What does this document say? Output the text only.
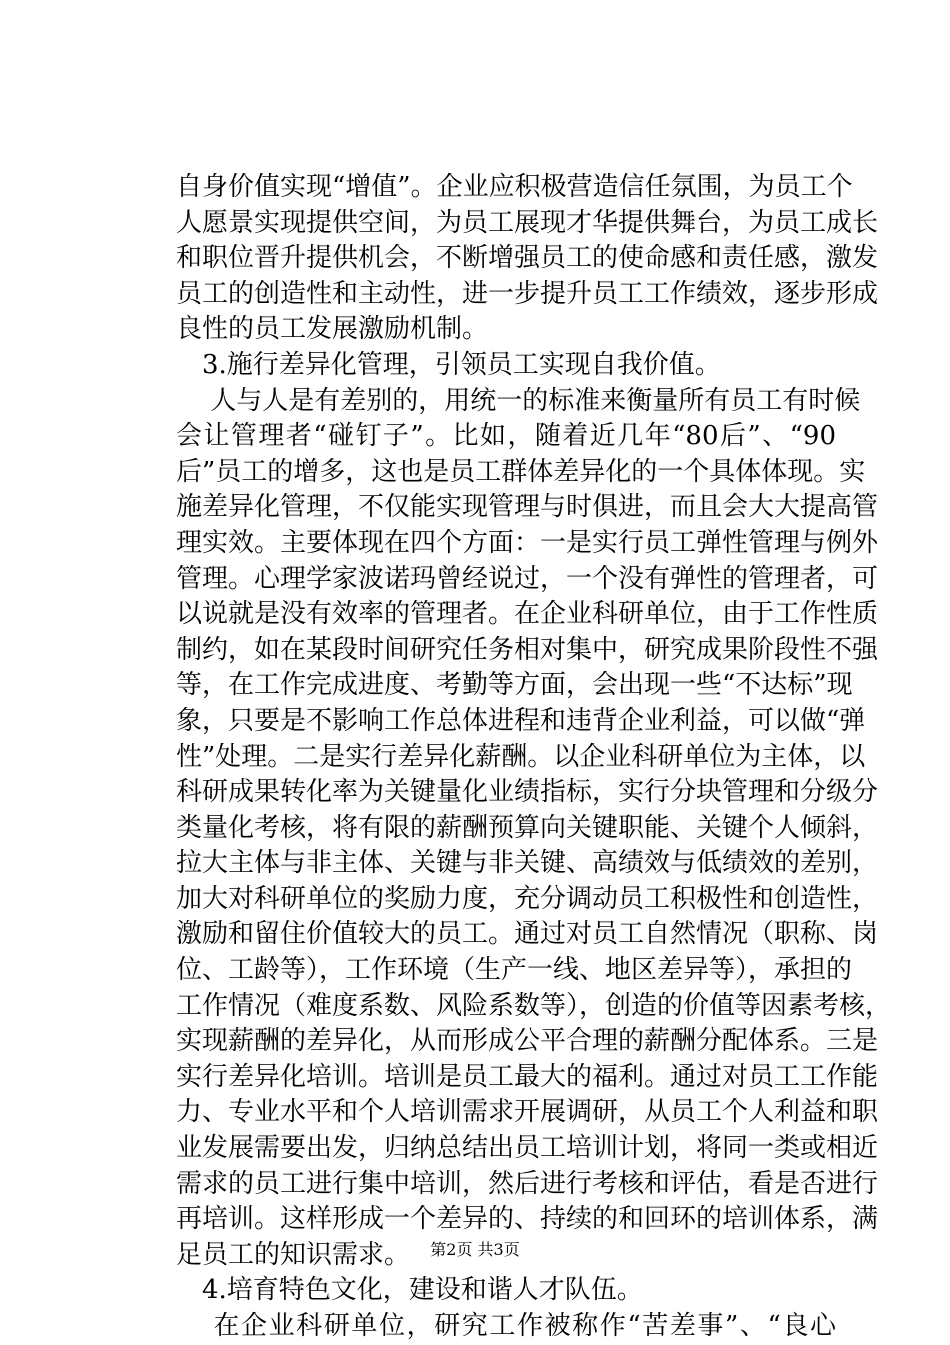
自身价值实现“增值”。企业应积极营造信任氛围，为员工个
人愿景实现提供空间，为员工展现才华提供舞台，为员工成长
和职位晋升提供机会，不断增强员工的使命感和责任感，激发
员工的创造性和主动性，进一步提升员工工作绩效，逐步形成
良性的员工发展激励机制。
　3.施行差异化管理，引领员工实现自我价值。
　 人与人是有差别的，用统一的标准来衡量所有员工有时候
会让管理者“碰钉子”。比如，随着近几年“80后”、“90
后”员工的增多，这也是员工群体差异化的一个具体体现。实
施差异化管理，不仅能实现管理与时俱进，而且会大大提高管
理实效。主要体现在四个方面：一是实行员工弹性管理与例外
管理。心理学家波诺玛曾经说过，一个没有弹性的管理者，可
以说就是没有效率的管理者。在企业科研单位，由于工作性质
制约，如在某段时间研究任务相对集中，研究成果阶段性不强
等，在工作完成进度、考勤等方面，会出现一些“不达标”现
象，只要是不影响工作总体进程和违背企业利益，可以做“弹
性”处理。二是实行差异化薪酬。以企业科研单位为主体，以
科研成果转化率为关键量化业绩指标，实行分块管理和分级分
类量化考核，将有限的薪酬预算向关键职能、关键个人倾斜，
拉大主体与非主体、关键与非关键、高绩效与低绩效的差别，
加大对科研单位的奖励力度，充分调动员工积极性和创造性，
激励和留住价值较大的员工。通过对员工自然情况（职称、岗
位、工龄等），工作环境（生产一线、地区差异等），承担的
工作情况（难度系数、风险系数等），创造的价值等因素考核，
实现薪酬的差异化，从而形成公平合理的薪酬分配体系。三是
实行差异化培训。培训是员工最大的福利。通过对员工工作能
力、专业水平和个人培训需求开展调研，从员工个人利益和职
业发展需要出发，归纳总结出员工培训计划，将同一类或相近
需求的员工进行集中培训，然后进行考核和评估，看是否进行
再培训。这样形成一个差异的、持续的和回环的培训体系，满
足员工的知识需求。
　4.培育特色文化，建设和谐人才队伍。
　 在企业科研单位，研究工作被称作“苦差事”、“良心
第2页 共3页
